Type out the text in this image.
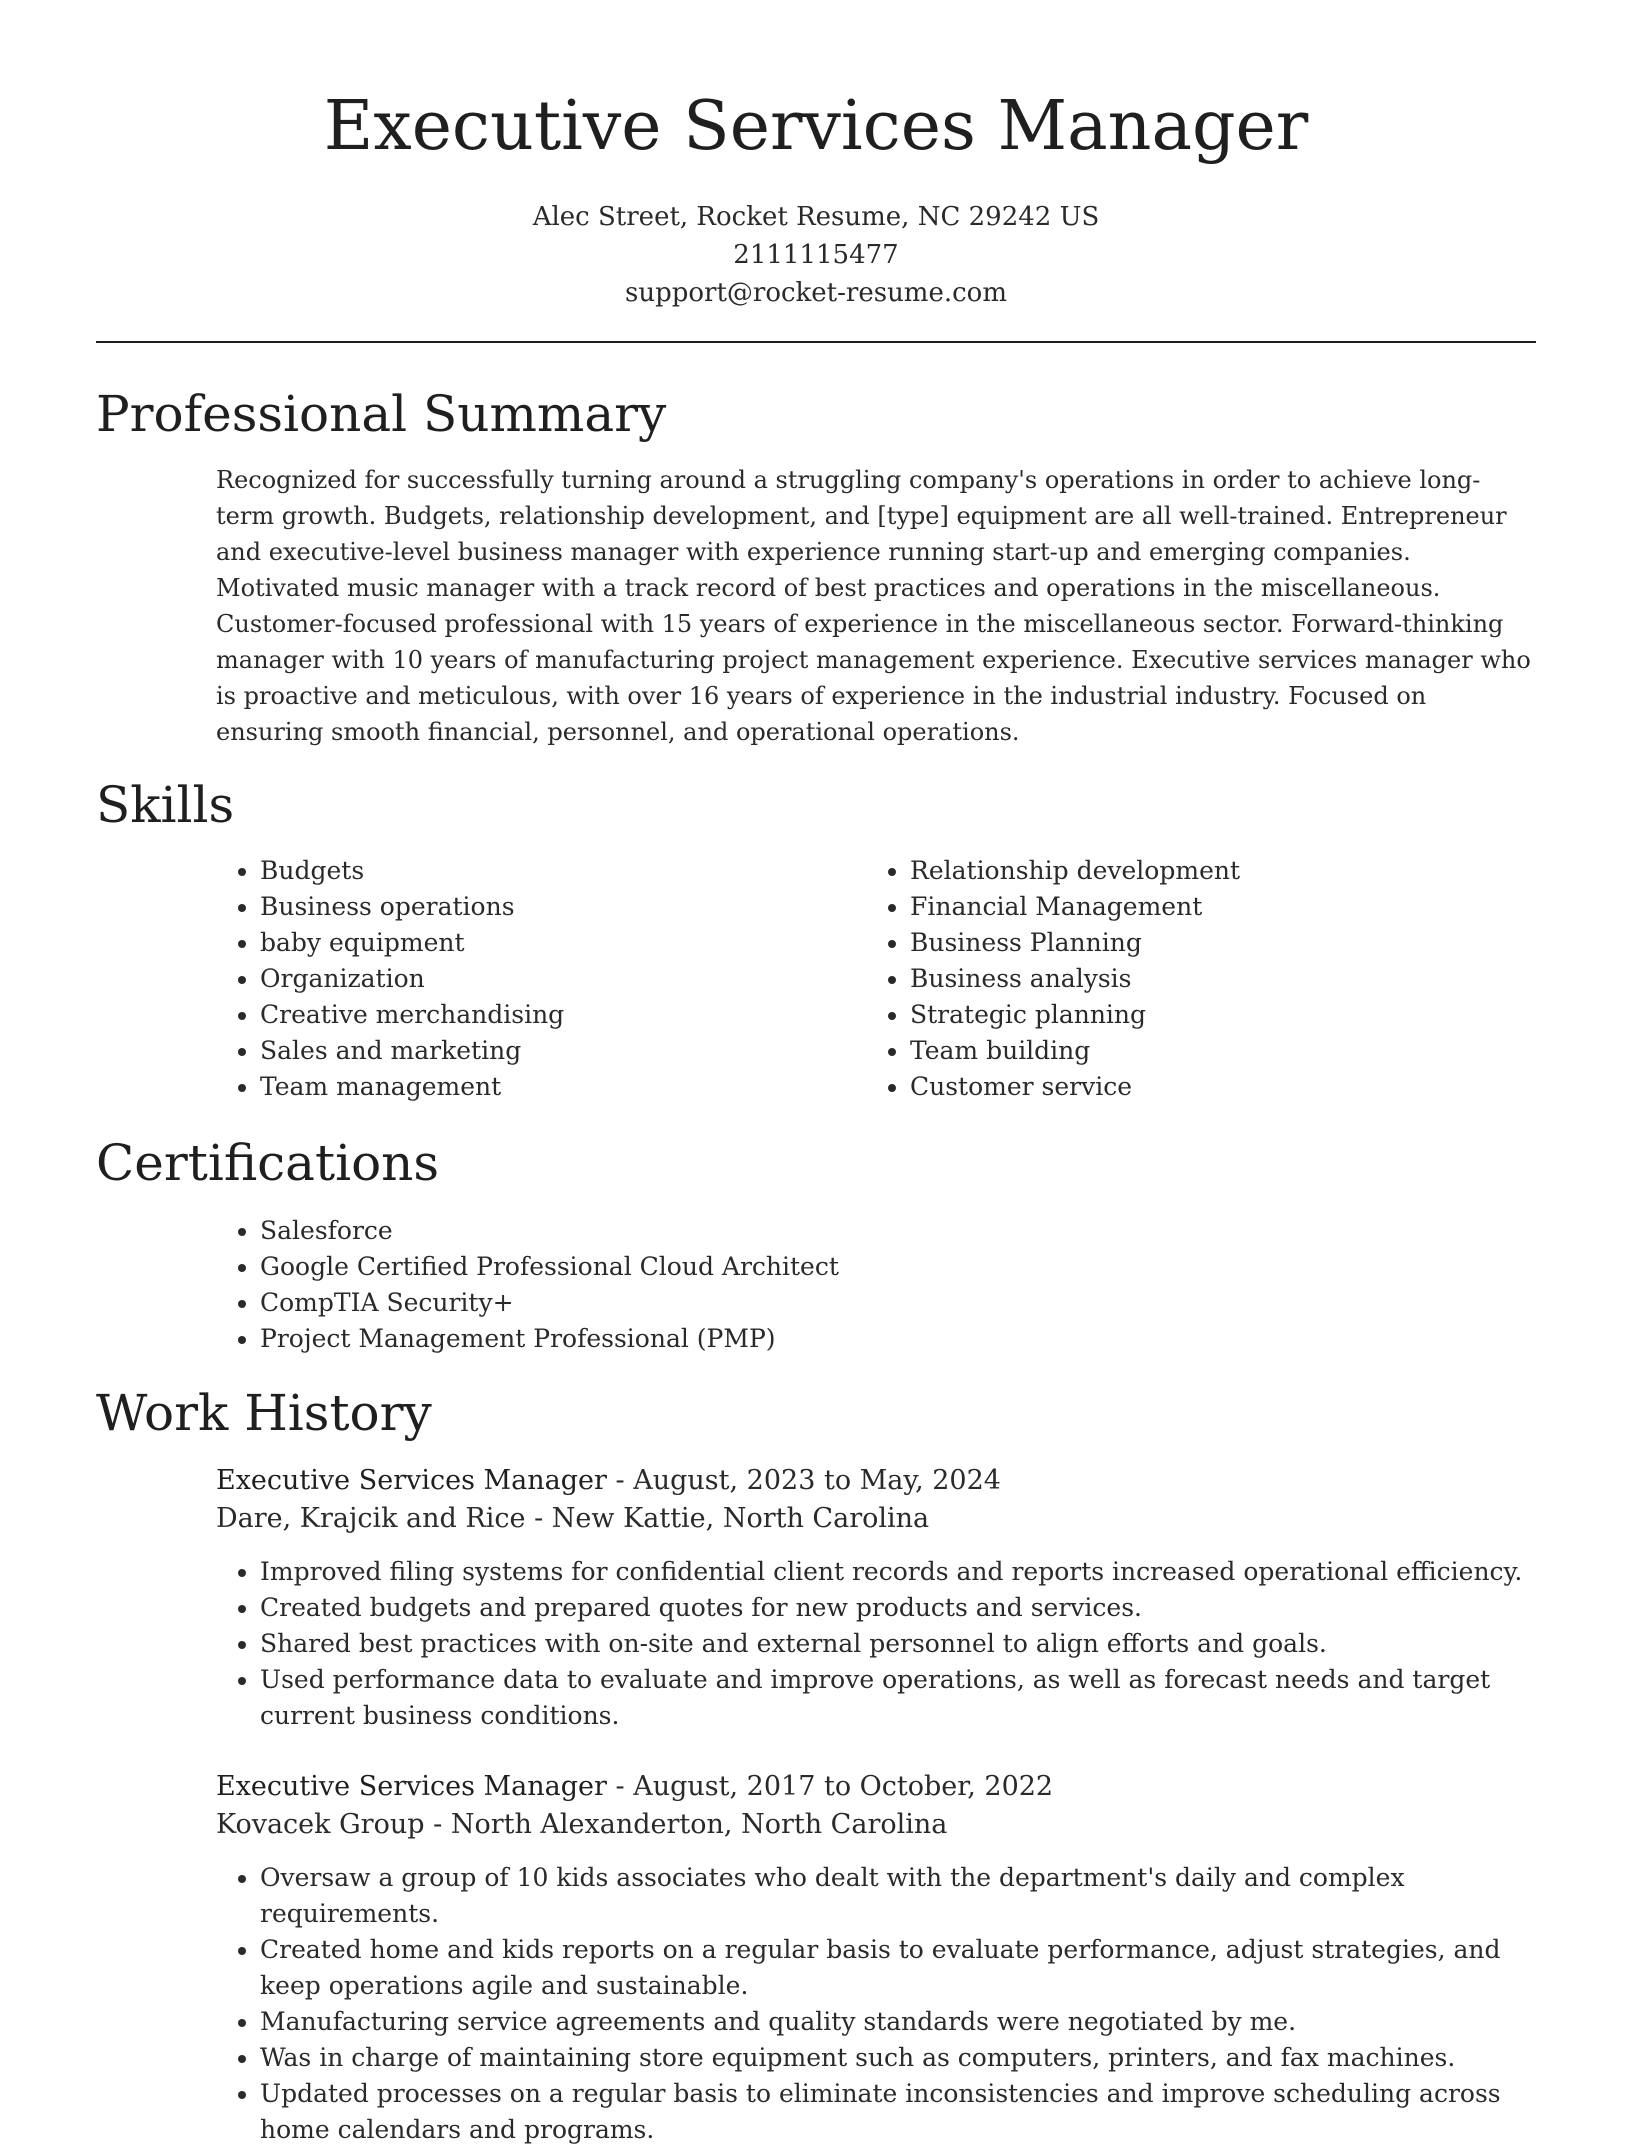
Executive Services Manager
Alec Street, Rocket Resume, NC 29242 US
2111115477
support@rocket-resume.com
Professional Summary

Recognized for successfully turning around a struggling company's operations in order to achieve long-term growth. Budgets, relationship development, and [type] equipment are all well-trained. Entrepreneur and executive-level business manager with experience running start-up and emerging companies. Motivated music manager with a track record of best practices and operations in the miscellaneous. Customer-focused professional with 15 years of experience in the miscellaneous sector. Forward-thinking manager with 10 years of manufacturing project management experience. Executive services manager who is proactive and meticulous, with over 16 years of experience in the industrial industry. Focused on ensuring smooth financial, personnel, and operational operations.

Skills
• Budgets
• Business operations
• baby equipment
• Organization
• Creative merchandising
• Sales and marketing
• Team management
• Relationship development
• Financial Management
• Business Planning
• Business analysis
• Strategic planning
• Team building
• Customer service
Certifications
• Salesforce
• Google Certified Professional Cloud Architect
• CompTIA Security+
• Project Management Professional (PMP)
Work History
Executive Services Manager - August, 2023 to May, 2024
Dare, Krajcik and Rice - New Kattie, North Carolina
• Improved filing systems for confidential client records and reports increased operational efficiency.
• Created budgets and prepared quotes for new products and services.
• Shared best practices with on-site and external personnel to align efforts and goals.
• Used performance data to evaluate and improve operations, as well as forecast needs and target current business conditions.
Executive Services Manager - August, 2017 to October, 2022
Kovacek Group - North Alexanderton, North Carolina
• Oversaw a group of 10 kids associates who dealt with the department's daily and complex requirements.
• Created home and kids reports on a regular basis to evaluate performance, adjust strategies, and keep operations agile and sustainable.
• Manufacturing service agreements and quality standards were negotiated by me.
• Was in charge of maintaining store equipment such as computers, printers, and fax machines.
• Updated processes on a regular basis to eliminate inconsistencies and improve scheduling across home calendars and programs.
